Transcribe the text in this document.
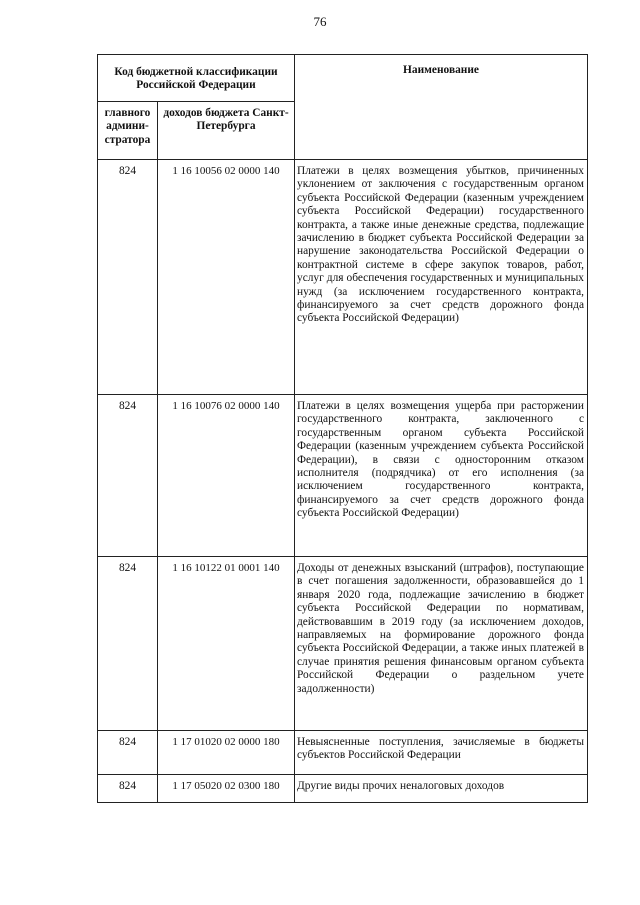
76
Код бюджетной классификации Российской Федерации		Наименование
главного админи-стратора	доходов бюджета Санкт-Петербурга	
824	1 16 10056 02 0000 140	Платежи в целях возмещения убытков, причиненных уклонением от заключения с государственным органом субъекта Российской Федерации (казенным учреждением субъекта Российской Федерации) государственного контракта, а также иные денежные средства, подлежащие зачислению в бюджет субъекта Российской Федерации за нарушение законодательства Российской Федерации о контрактной системе в сфере закупок товаров, работ, услуг для обеспечения государственных и муниципальных нужд (за исключением государственного контракта, финансируемого за счет средств дорожного фонда субъекта Российской Федерации)
824	1 16 10076 02 0000 140	Платежи в целях возмещения ущерба при расторжении государственного контракта, заключенного с государственным органом субъекта Российской Федерации (казенным учреждением субъекта Российской Федерации), в связи с односторонним отказом исполнителя (подрядчика) от его исполнения (за исключением государственного контракта, финансируемого за счет средств дорожного фонда субъекта Российской Федерации)
824	1 16 10122 01 0001 140	Доходы от денежных взысканий (штрафов), поступающие в счет погашения задолженности, образовавшейся до 1 января 2020 года, подлежащие зачислению в бюджет субъекта Российской Федерации по нормативам, действовавшим в 2019 году (за исключением доходов, направляемых на формирование дорожного фонда субъекта Российской Федерации, а также иных платежей в случае принятия решения финансовым органом субъекта Российской Федерации о раздельном учете задолженности)
824	1 17 01020 02 0000 180	Невыясненные поступления, зачисляемые в бюджеты субъектов Российской Федерации
824	1 17 05020 02 0300 180	Другие виды прочих неналоговых доходов
